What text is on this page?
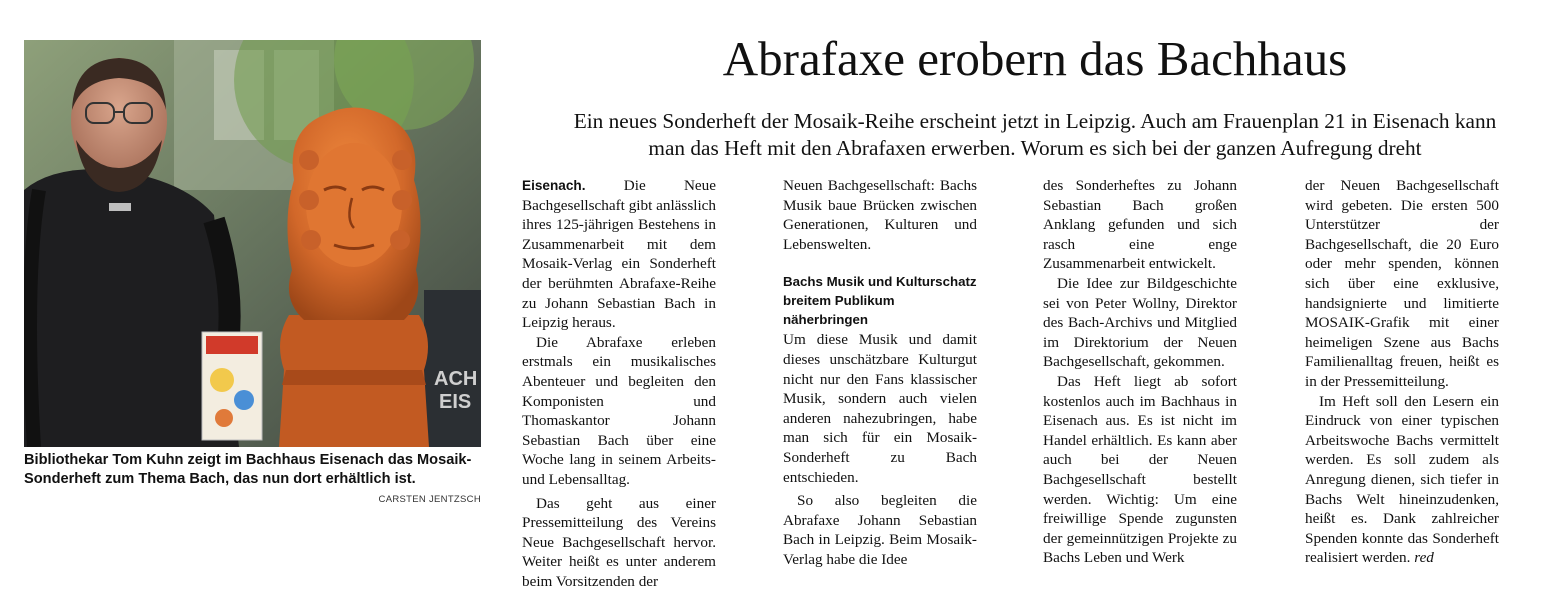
ACH
EIS
Bibliothekar Tom Kuhn zeigt im Bachhaus Eisenach das Mosaik-Sonderheft zum Thema Bach, das nun dort erhältlich ist.
CARSTEN JENTZSCH
Abrafaxe erobern das Bachhaus
Ein neues Sonderheft der Mosaik-Reihe erscheint jetzt in Leipzig. Auch am Frauenplan 21 in Eisenach kann
man das Heft mit den Abrafaxen erwerben. Worum es sich bei der ganzen Aufregung dreht

Eisenach.	Die Neue Bachgesellschaft gibt anlässlich ihres 125-jährigen Bestehens in Zusammenarbeit mit dem Mosaik-Verlag ein Sonderheft der berühmten Abrafaxe-Reihe zu Johann Sebastian Bach in Leipzig heraus.

Die Abrafaxe erleben erstmals ein musikalisches Abenteuer und begleiten den Komponisten und Thomaskantor Johann Sebastian Bach über eine Woche lang in seinem Arbeits- und Lebensalltag.

Das geht aus einer Pressemitteilung des Vereins Neue Bachgesellschaft hervor. Weiter heißt es unter anderem beim Vorsitzenden der

Neuen Bachgesellschaft: Bachs Musik baue Brücken zwischen Generationen, Kulturen und Lebenswelten.

Bachs Musik und Kulturschatz breitem Publikum näherbringen

Um diese Musik und damit dieses unschätzbare Kulturgut nicht nur den Fans klassischer Musik, sondern auch vielen anderen nahezubringen, habe man sich für ein Mosaik-Sonderheft zu Bach entschieden.

So also begleiten die Abrafaxe Johann Sebastian Bach in Leipzig. Beim Mosaik-Verlag habe die Idee

des Sonderheftes zu Johann Sebastian Bach großen Anklang gefunden und sich rasch eine enge Zusammenarbeit entwickelt.

Die Idee zur Bildgeschichte sei von Peter Wollny, Direktor des Bach-Archivs und Mitglied im Direktorium der Neuen Bachgesellschaft, gekommen.

Das Heft liegt ab sofort kostenlos auch im Bachhaus in Eisenach aus. Es ist nicht im Handel erhältlich. Es kann aber auch bei der Neuen Bachgesellschaft bestellt werden. Wichtig: Um eine freiwillige Spende zugunsten der gemeinnützigen Projekte zu Bachs Leben und Werk

der Neuen Bachgesellschaft wird gebeten. Die ersten 500 Unterstützer der Bachgesellschaft, die 20 Euro oder mehr spenden, können sich über eine exklusive, handsignierte und limitierte MOSAIK-Grafik mit einer heimeligen Szene aus Bachs Familienalltag freuen, heißt es in der Pressemitteilung.

Im Heft soll den Lesern ein Eindruck von einer typischen Arbeitswoche Bachs vermittelt werden. Es soll zudem als Anregung dienen, sich tiefer in Bachs Welt hineinzudenken, heißt es. Dank zahlreicher Spenden konnte das Sonderheft realisiert werden. red
